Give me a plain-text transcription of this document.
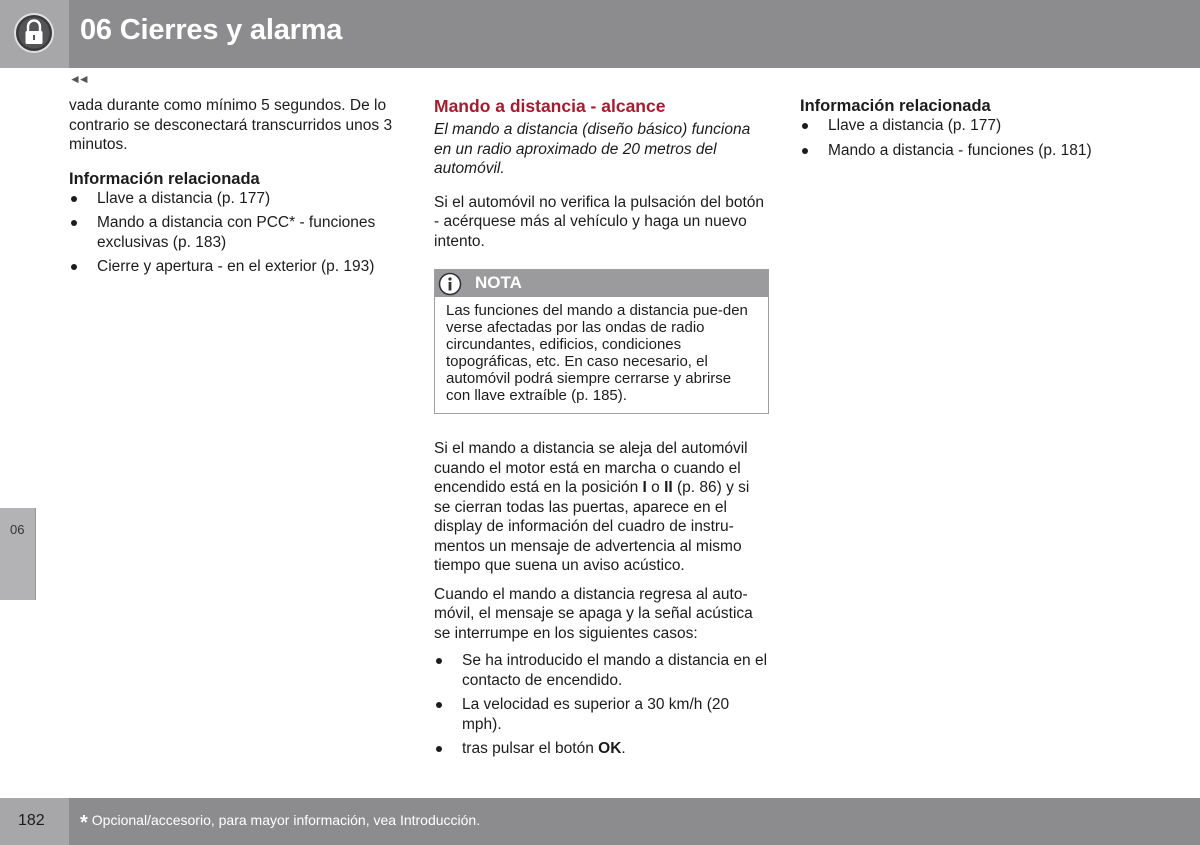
06 Cierres y alarma
06
◄◄

vada durante como mínimo 5 segundos. De lo contrario se desconectará transcurridos unos 3 minutos.

Información relacionada
Llave a distancia (p. 177)
Mando a distancia con PCC* - funciones exclusivas (p. 183)
Cierre y apertura - en el exterior (p. 193)
Mando a distancia - alcance

El mando a distancia (diseño básico) funciona en un radio aproximado de 20 metros del automóvil.

Si el automóvil no verifica la pulsación del botón - acérquese más al vehículo y haga un nuevo intento.

NOTA
Las funciones del mando a distancia pue-den verse afectadas por las ondas de radio circundantes, edificios, condiciones topográficas, etc. En caso necesario, el automóvil podrá siempre cerrarse y abrirse con llave extraíble (p. 185).

Si el mando a distancia se aleja del automóvil cuando el motor está en marcha o cuando el encendido está en la posición I o II (p. 86) y si se cierran todas las puertas, aparece en el display de información del cuadro de instru-mentos un mensaje de advertencia al mismo tiempo que suena un aviso acústico.

Cuando el mando a distancia regresa al auto-móvil, el mensaje se apaga y la señal acústica se interrumpe en los siguientes casos:

Se ha introducido el mando a distancia en el contacto de encendido.
La velocidad es superior a 30 km/h (20 mph).
tras pulsar el botón OK.
Información relacionada
Llave a distancia (p. 177)
Mando a distancia - funciones (p. 181)
182 * Opcional/accesorio, para mayor información, vea Introducción.
